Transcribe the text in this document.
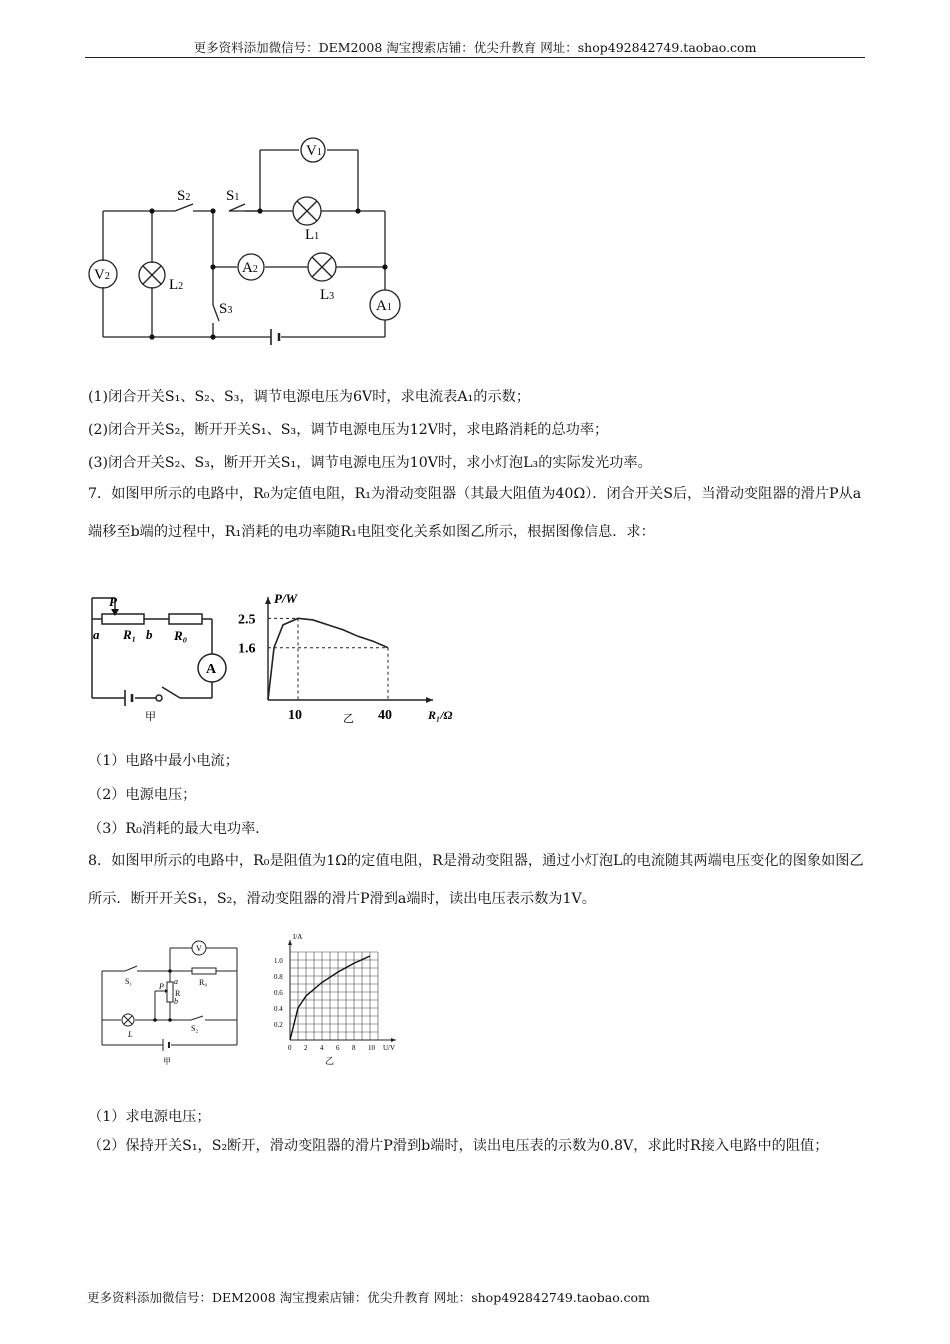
更多资料添加微信号：DEM2008 淘宝搜索店铺：优尖升教育 网址：shop492842749.taobao.com
V1
V2
A2
A1
S2 S1
S3
L1
L2
L3
(1)闭合开关S₁、S₂、S₃，调节电源电压为6V时，求电流表A₁的示数；
(2)闭合开关S₂，断开开关S₁、S₃，调节电源电压为12V时，求电路消耗的总功率；
(3)闭合开关S₂、S₃，断开开关S₁，调节电源电压为10V时，求小灯泡L₃的实际发光功率。
7．如图甲所示的电路中，R₀为定值电阻，R₁为滑动变阻器（其最大阻值为40Ω）．闭合开关S后，当滑动变阻器的滑片P从a端移至b端的过程中，R₁消耗的电功率随R₁电阻变化关系如图乙所示，根据图像信息．求：
P
a R₁ b R₀
A
甲
2.5
1.6
10	40
P/W
R₁/Ω
乙
（1）电路中最小电流；
（2）电源电压；
（3）R₀消耗的最大电功率．
8．如图甲所示的电路中，R₀是阻值为1Ω的定值电阻，R是滑动变阻器，通过小灯泡L的电流随其两端电压变化的图象如图乙所示．断开开关S₁，S₂，滑动变阻器的滑片P滑到a端时，读出电压表示数为1V。
V
S₁	R₀
P
a
R
b
S₂
L
甲
0.2
0.4
0.6
0.8
1.0
0 2 4 6 8 10
I/A
U/V
乙
（1）求电源电压；
（2）保持开关S₁，S₂断开，滑动变阻器的滑片P滑到b端时，读出电压表的示数为0.8V，求此时R接入电路中的阻值；
更多资料添加微信号：DEM2008 淘宝搜索店铺：优尖升教育 网址：shop492842749.taobao.com
